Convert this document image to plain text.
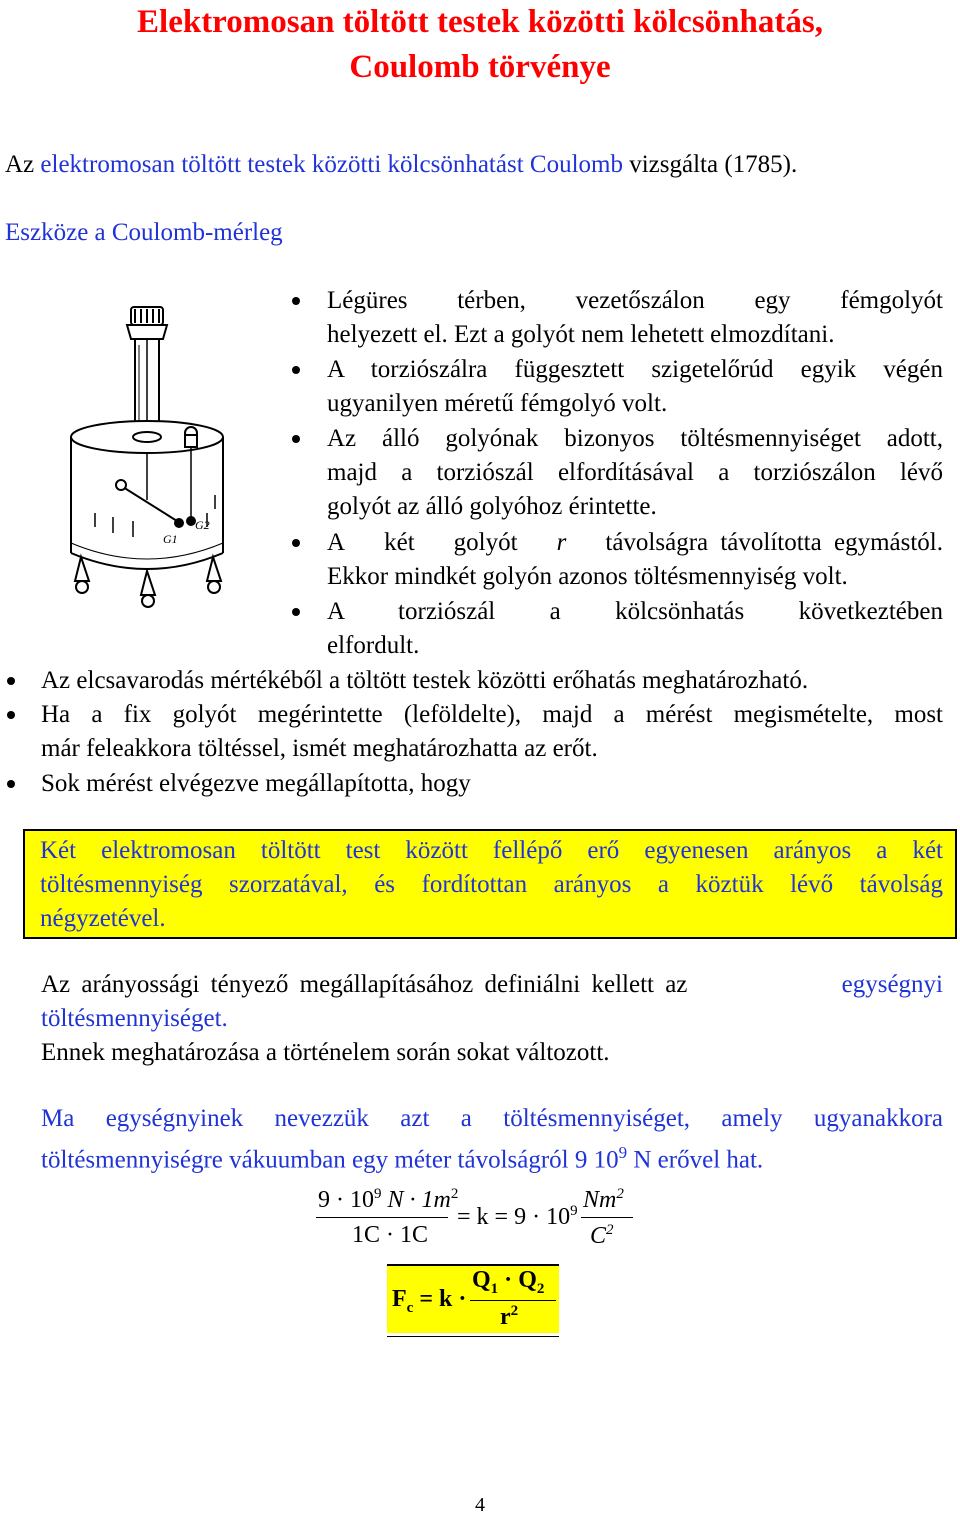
Elektromosan töltött testek közötti kölcsönhatás,
Coulomb törvénye
Az elektromosan töltött testek közötti kölcsönhatást Coulomb vizsgálta (1785).
Eszköze a Coulomb-mérleg
G1
G2
Légüres térben, vezetőszálon egy fémgolyót
helyezett el. Ezt a golyót nem lehetett elmozdítani.
A torziószálra függesztett szigetelőrúd egyik végén
ugyanilyen méretű fémgolyó volt.
Az álló golyónak bizonyos töltésmennyiséget adott,
majd a torziószál elfordításával a torziószálon lévő
golyót az álló golyóhoz érintette.
A két golyót r távolságra távolította egymástól.
Ekkor mindkét golyón azonos töltésmennyiség volt.
A torziószál a kölcsönhatás következtében
elfordult.
Az elcsavarodás mértékéből a töltött testek közötti erőhatás meghatározható.
Ha a fix golyót megérintette (leföldelte), majd a mérést megismételte, most
már feleakkora töltéssel, ismét meghatározhatta az erőt.
Sok mérést elvégezve megállapította, hogy
Két elektromosan töltött test között fellépő erő egyenesen arányos a két
töltésmennyiség szorzatával, és fordítottan arányos a köztük lévő távolság
négyzetével.
Az arányossági tényező megállapításához definiálni kellett az	egységnyi
töltésmennyiséget.
Ennek meghatározása a történelem során sokat változott.
Ma egységnyinek nevezzük azt a töltésmennyiséget, amely ugyanakkora
töltésmennyiségre vákuumban egy méter távolságról 9 $10^9$ N erővel hat.
$9 \cdot 10^9$ $N \cdot 1m^2$
1C · 1C
= $k = 9 \cdot 10^9$ Nm$^2$
$C^2$
$F_c = k$ ·
$Q_1 \cdot Q_2$
$r^2$
4
